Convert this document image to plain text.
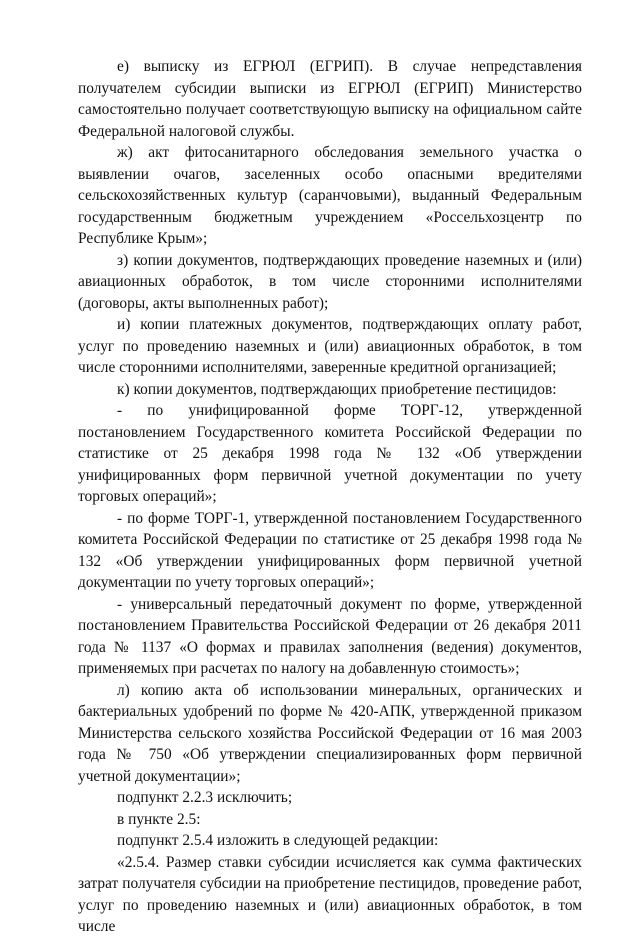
е) выписку из ЕГРЮЛ (ЕГРИП). В случае непредставления получателем субсидии выписки из ЕГРЮЛ (ЕГРИП) Министерство самостоятельно получает соответствующую выписку на официальном сайте Федеральной налоговой службы.

ж) акт фитосанитарного обследования земельного участка о выявлении очагов, заселенных особо опасными вредителями сельскохозяйственных культур (саранчовыми), выданный Федеральным государственным бюджетным учреждением «Россельхозцентр по Республике Крым»;

з) копии документов, подтверждающих проведение наземных и (или) авиационных обработок, в том числе сторонними исполнителями (договоры, акты выполненных работ);

и) копии платежных документов, подтверждающих оплату работ, услуг по проведению наземных и (или) авиационных обработок, в том числе сторонними исполнителями, заверенные кредитной организацией;

к) копии документов, подтверждающих приобретение пестицидов:

- по унифицированной форме ТОРГ-12, утвержденной постановлением Государственного комитета Российской Федерации по статистике от 25 декабря 1998 года № 132 «Об утверждении унифицированных форм первичной учетной документации по учету торговых операций»;

- по форме ТОРГ-1, утвержденной постановлением Государственного комитета Российской Федерации по статистике от 25 декабря 1998 года № 132 «Об утверждении унифицированных форм первичной учетной документации по учету торговых операций»;

- универсальный передаточный документ по форме, утвержденной постановлением Правительства Российской Федерации от 26 декабря 2011 года № 1137 «О формах и правилах заполнения (ведения) документов, применяемых при расчетах по налогу на добавленную стоимость»;

л) копию акта об использовании минеральных, органических и бактериальных удобрений по форме № 420-АПК, утвержденной приказом Министерства сельского хозяйства Российской Федерации от 16 мая 2003 года № 750 «Об утверждении специализированных форм первичной учетной документации»;

подпункт 2.2.3 исключить;

в пункте 2.5:

подпункт 2.5.4 изложить в следующей редакции:

«2.5.4. Размер ставки субсидии исчисляется как сумма фактических затрат получателя субсидии на приобретение пестицидов, проведение работ, услуг по проведению наземных и (или) авиационных обработок, в том числе
